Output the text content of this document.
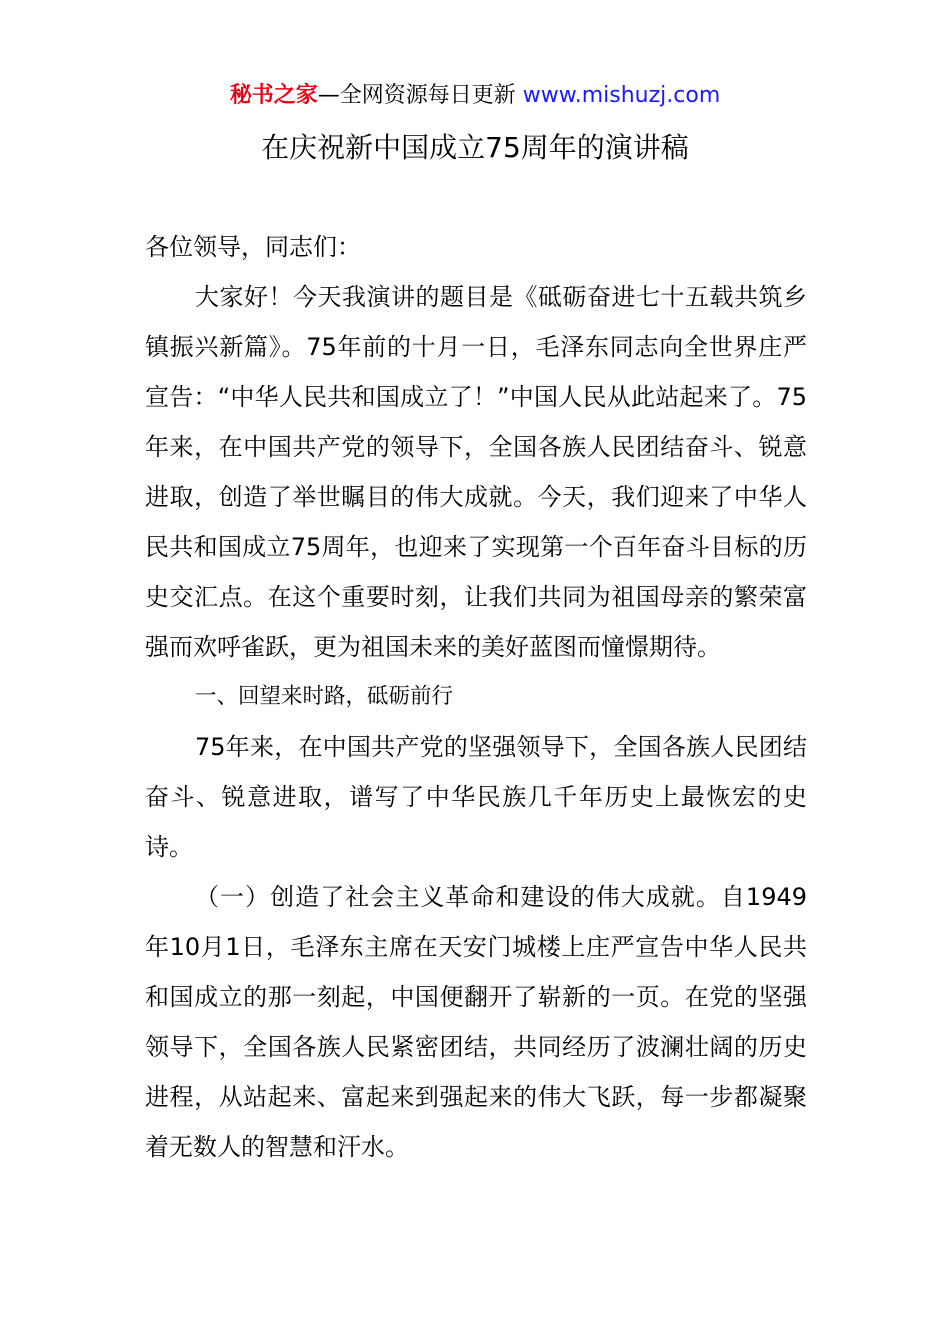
秘书之家—全网资源每日更新 www.mishuzj.com
在庆祝新中国成立75周年的演讲稿

各位领导，同志们：

大家好！今天我演讲的题目是《砥砺奋进七十五载共筑乡镇振兴新篇》。75年前的十月一日，毛泽东同志向全世界庄严宣告：“中华人民共和国成立了！”中国人民从此站起来了。75年来，在中国共产党的领导下，全国各族人民团结奋斗、锐意进取，创造了举世瞩目的伟大成就。今天，我们迎来了中华人民共和国成立75周年，也迎来了实现第一个百年奋斗目标的历史交汇点。在这个重要时刻，让我们共同为祖国母亲的繁荣富强而欢呼雀跃，更为祖国未来的美好蓝图而憧憬期待。

一、回望来时路，砥砺前行

75年来，在中国共产党的坚强领导下，全国各族人民团结奋斗、锐意进取，谱写了中华民族几千年历史上最恢宏的史诗。

（一）创造了社会主义革命和建设的伟大成就。自1949年10月1日，毛泽东主席在天安门城楼上庄严宣告中华人民共和国成立的那一刻起，中国便翻开了崭新的一页。在党的坚强领导下，全国各族人民紧密团结，共同经历了波澜壮阔的历史进程，从站起来、富起来到强起来的伟大飞跃，每一步都凝聚着无数人的智慧和汗水。
